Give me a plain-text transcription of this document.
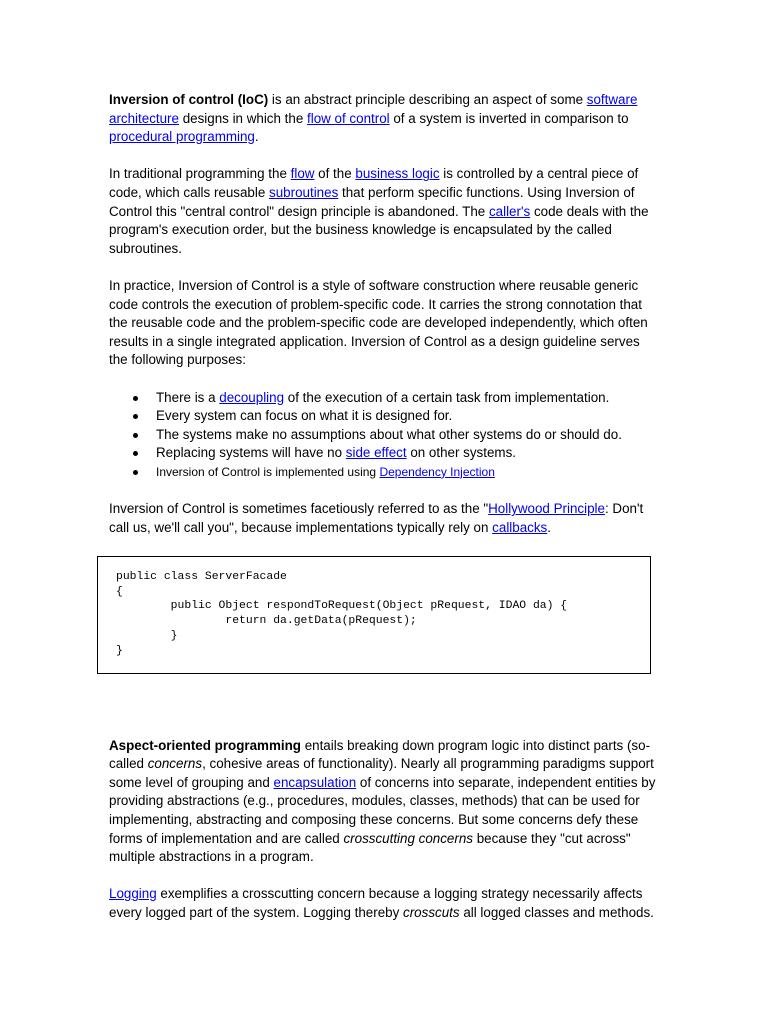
Inversion of control (IoC) is an abstract principle describing an aspect of some software architecture designs in which the flow of control of a system is inverted in comparison to procedural programming.

In traditional programming the flow of the business logic is controlled by a central piece of code, which calls reusable subroutines that perform specific functions. Using Inversion of Control this "central control" design principle is abandoned. The caller's code deals with the program's execution order, but the business knowledge is encapsulated by the called subroutines.

In practice, Inversion of Control is a style of software construction where reusable generic code controls the execution of problem-specific code. It carries the strong connotation that the reusable code and the problem-specific code are developed independently, which often results in a single integrated application. Inversion of Control as a design guideline serves the following purposes:

There is a decoupling of the execution of a certain task from implementation.
Every system can focus on what it is designed for.
The systems make no assumptions about what other systems do or should do.
Replacing systems will have no side effect on other systems.
Inversion of Control is implemented using Dependency Injection

Inversion of Control is sometimes facetiously referred to as the "Hollywood Principle: Don't call us, we'll call you", because implementations typically rely on callbacks.

public class ServerFacade
{
public Object respondToRequest(Object pRequest, IDAO da) {
return da.getData(pRequest);
}
}

Aspect-oriented programming entails breaking down program logic into distinct parts (so-called concerns, cohesive areas of functionality). Nearly all programming paradigms support some level of grouping and encapsulation of concerns into separate, independent entities by providing abstractions (e.g., procedures, modules, classes, methods) that can be used for implementing, abstracting and composing these concerns. But some concerns defy these forms of implementation and are called crosscutting concerns because they "cut across" multiple abstractions in a program.

Logging exemplifies a crosscutting concern because a logging strategy necessarily affects every logged part of the system. Logging thereby crosscuts all logged classes and methods.
